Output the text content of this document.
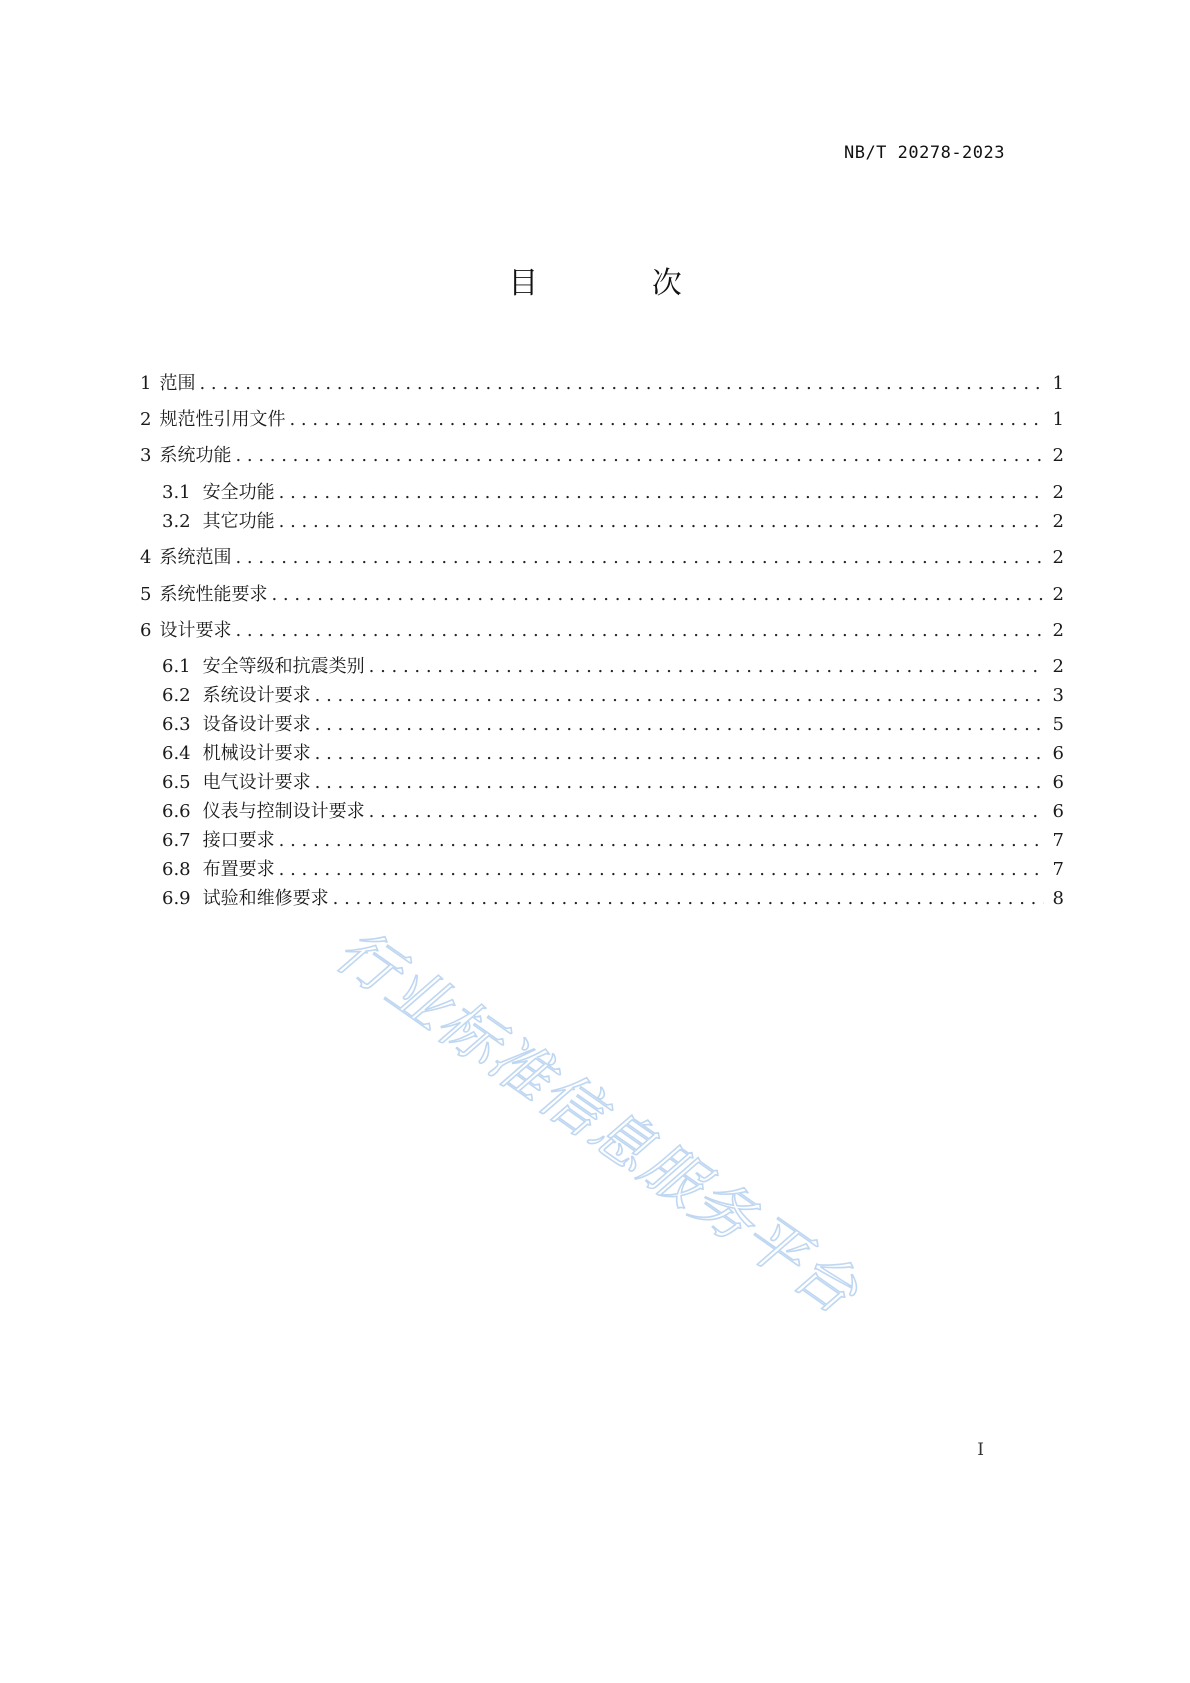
NB/T 20278-2023
目 次
1 范围 . . .	1
2 规范性引用文件 . . .	1
3 系统功能 . . .	2
3.1 安全功能 . . .	2
3.2 其它功能 . . .	2
4 系统范围 . . .	2
5 系统性能要求 . . .	2
6 设计要求 . . .	2
6.1 安全等级和抗震类别 . . .	2
6.2 系统设计要求 . . .	3
6.3 设备设计要求 . . .	5
6.4 机械设计要求 . . .	6
6.5 电气设计要求 . . .	6
6.6 仪表与控制设计要求 . . .	6
6.7 接口要求 . . .	7
6.8 布置要求 . . .	7
6.9 试验和维修要求 . . .	8
行业标准信息服务平台
I
